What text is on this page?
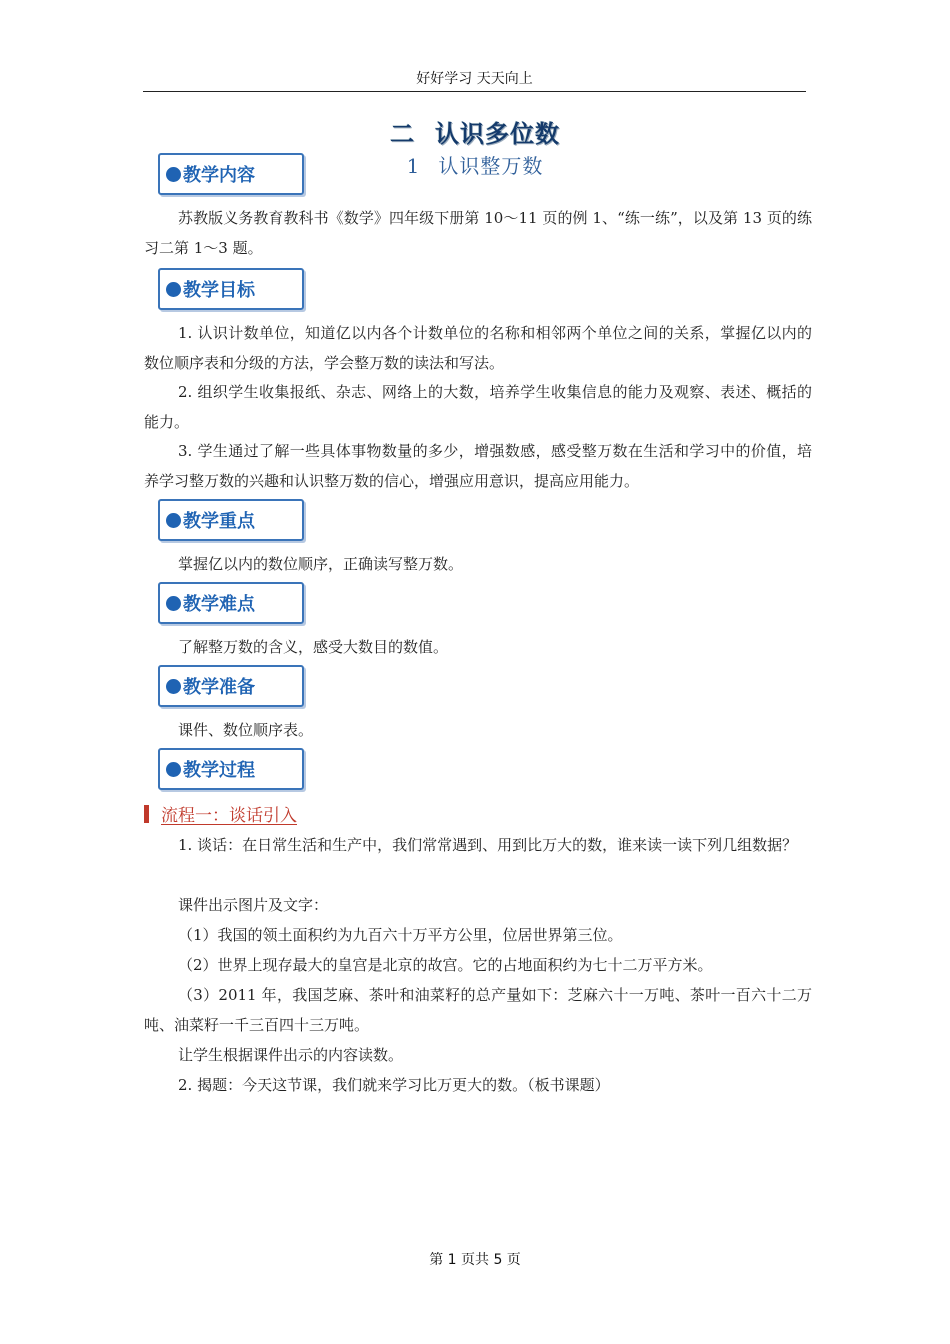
好好学习 天天向上
二 认识多位数
1 认识整万数
教学内容
苏教版义务教育教科书《数学》四年级下册第 10～11 页的例 1、“练一练”，以及第 13 页的练习二第 1～3 题。
教学目标
1. 认识计数单位，知道亿以内各个计数单位的名称和相邻两个单位之间的关系，掌握亿以内的数位顺序表和分级的方法，学会整万数的读法和写法。
2. 组织学生收集报纸、杂志、网络上的大数，培养学生收集信息的能力及观察、表述、概括的能力。
3. 学生通过了解一些具体事物数量的多少，增强数感，感受整万数在生活和学习中的价值，培养学习整万数的兴趣和认识整万数的信心，增强应用意识，提高应用能力。
教学重点
掌握亿以内的数位顺序，正确读写整万数。
教学难点
了解整万数的含义，感受大数目的数值。
教学准备
课件、数位顺序表。
教学过程
流程一：谈话引入
1. 谈话：在日常生活和生产中，我们常常遇到、用到比万大的数，谁来读一读下列几组数据？
课件出示图片及文字：
（1）我国的领土面积约为九百六十万平方公里，位居世界第三位。
（2）世界上现存最大的皇宫是北京的故宫。它的占地面积约为七十二万平方米。
（3）2011 年，我国芝麻、茶叶和油菜籽的总产量如下：芝麻六十一万吨、茶叶一百六十二万吨、油菜籽一千三百四十三万吨。
让学生根据课件出示的内容读数。
2. 揭题：今天这节课，我们就来学习比万更大的数。（板书课题）
第 1 页共 5 页
